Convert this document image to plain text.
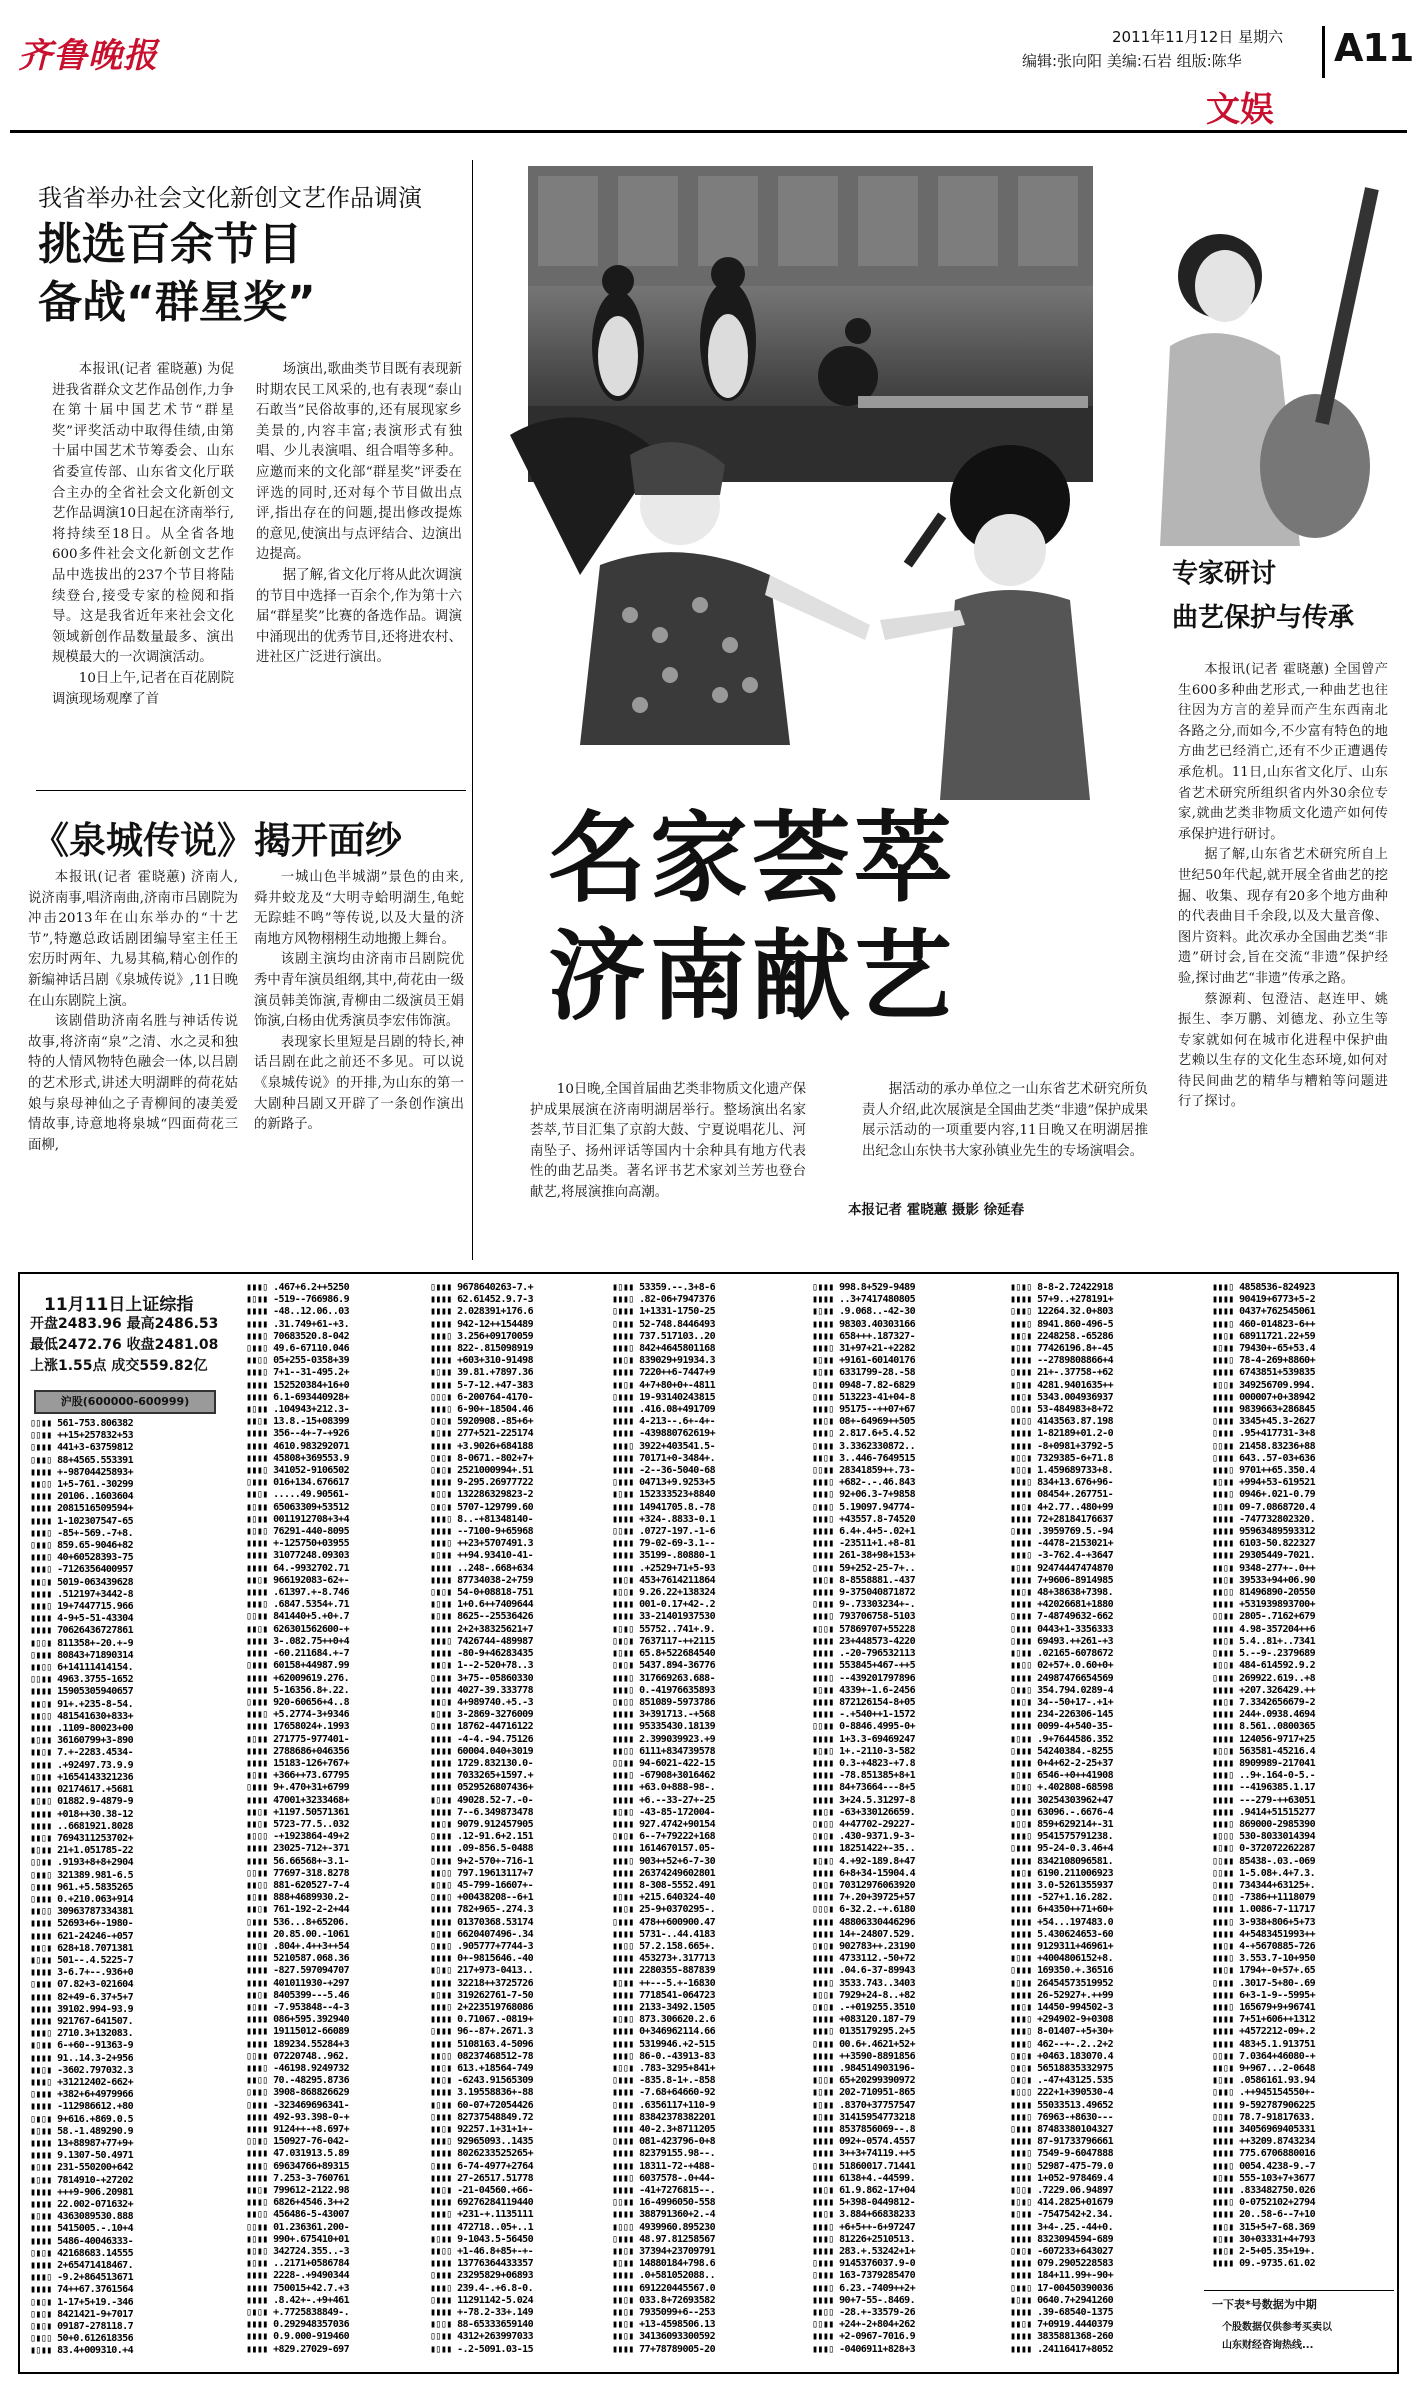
齐鲁晚报	2011年11月12日 星期六
编辑:张向阳 美编:石岩 组版:陈华 A11
文娱
我省举办社会文化新创文艺作品调演
挑选百余节目
备战“群星奖”

本报讯(记者 霍晓蕙) 为促进我省群众文艺作品创作,力争在第十届中国艺术节“群星奖”评奖活动中取得佳绩,由第十届中国艺术节筹委会、山东省委宣传部、山东省文化厅联合主办的全省社会文化新创文艺作品调演10日起在济南举行,将持续至18日。从全省各地600多件社会文化新创文艺作品中选拔出的237个节目将陆续登台,接受专家的检阅和指导。这是我省近年来社会文化领域新创作品数量最多、演出规模最大的一次调演活动。

10日上午,记者在百花剧院调演现场观摩了首

场演出,歌曲类节目既有表现新时期农民工风采的,也有表现“泰山石敢当”民俗故事的,还有展现家乡美景的,内容丰富;表演形式有独唱、少儿表演唱、组合唱等多种。应邀而来的文化部“群星奖”评委在评选的同时,还对每个节目做出点评,指出存在的问题,提出修改提炼的意见,使演出与点评结合、边演出边提高。

据了解,省文化厅将从此次调演的节目中选择一百余个,作为第十六届“群星奖”比赛的备选作品。调演中涌现出的优秀节目,还将进农村、进社区广泛进行演出。

《泉城传说》揭开面纱

本报讯(记者 霍晓蕙) 济南人,说济南事,唱济南曲,济南市吕剧院为冲击2013年在山东举办的“十艺节”,特邀总政话剧团编导室主任王宏历时两年、九易其稿,精心创作的新编神话吕剧《泉城传说》,11日晚在山东剧院上演。

该剧借助济南名胜与神话传说故事,将济南“泉”之清、水之灵和独特的人情风物特色融会一体,以吕剧的艺术形式,讲述大明湖畔的荷花姑娘与泉母神仙之子青柳间的凄美爱情故事,诗意地将泉城“四面荷花三面柳,

一城山色半城湖”景色的由来,舜井蛟龙及“大明寺蛤明湖生,龟蛇无踪蛙不鸣”等传说,以及大量的济南地方风物栩栩生动地搬上舞台。

该剧主演均由济南市吕剧院优秀中青年演员组纲,其中,荷花由一级演员韩美饰演,青柳由二级演员王娟饰演,白杨由优秀演员李宏伟饰演。

表现家长里短是吕剧的特长,神话吕剧在此之前还不多见。可以说《泉城传说》的开排,为山东的第一大剧种吕剧又开辟了一条创作演出的新路子。

专家研讨
曲艺保护与传承

本报讯(记者 霍晓蕙) 全国曾产生600多种曲艺形式,一种曲艺也往往因为方言的差异而产生东西南北各路之分,而如今,不少富有特色的地方曲艺已经消亡,还有不少正遭遇传承危机。11日,山东省文化厅、山东省艺术研究所组织省内外30余位专家,就曲艺类非物质文化遗产如何传承保护进行研讨。

据了解,山东省艺术研究所自上世纪50年代起,就开展全省曲艺的挖掘、收集、现存有20多个地方曲种的代表曲目千余段,以及大量音像、图片资料。此次承办全国曲艺类“非遗”研讨会,旨在交流“非遗”保护经验,探讨曲艺“非遗”传承之路。

蔡源莉、包澄洁、赵连甲、姚振生、李万鹏、刘德龙、孙立生等专家就如何在城市化进程中保护曲艺赖以生存的文化生态环境,如何对待民间曲艺的精华与糟粕等问题进行了探讨。

名家荟萃
济南献艺

10日晚,全国首届曲艺类非物质文化遗产保护成果展演在济南明湖居举行。整场演出名家荟萃,节目汇集了京韵大鼓、宁夏说唱花儿、河南坠子、扬州评话等国内十余种具有地方代表性的曲艺品类。著名评书艺术家刘兰芳也登台献艺,将展演推向高潮。

据活动的承办单位之一山东省艺术研究所负责人介绍,此次展演是全国曲艺类“非遗”保护成果展示活动的一项重要内容,11日晚又在明湖居推出纪念山东快书大家孙镇业先生的专场演唱会。

本报记者 霍晓蕙 摄影 徐延春
11月11日上证综指
开盘2483.96 最高2486.53
最低2472.76 收盘2481.08
上涨1.55点 成交559.82亿
沪股(600000-600999)
▯▯▮▮ 561-753.806382
▯▯▮▮ ++15+257832+53
▯▮▮▮ 441+3-63759812
▯▮▮▯ 88+4565.553391
▮▮▮▮ +-98704425893+
▮▮▯▯ 1+5-761.-30299
▮▮▮▮ 20106..1603604
▮▮▮▮ 2081516509594+
▮▮▮▮ 1-102307547-65
▮▮▮▯ -85+-569.-7+8.
▯▮▮▯ 859.65-9046+82
▮▮▮▯ 40+60528393-75
▮▮▮▯ -7126356400957
▮▮▯▮ 5019-063439628
▮▮▮▮ .512197+3442-8
▮▮▮▯ 19+7447715.966
▮▮▮▮ 4-9+5-51-43304
▮▮▮▮ 70626436727861
▮▯▯▮ 811358+-20.+-9
▯▮▮▮ 80843+71890314
▮▮▯▯ 6+14111414154.
▯▯▮▮ 4963.3755-1652
▮▮▮▮ 15905305940657
▮▮▯▮ 91+.+235-8-54.
▮▮▯▯ 481541630+833+
▮▮▮▮ .1109-80023+00
▮▯▮▮ 36160799+3-890
▮▮▯▮ 7.+-2283.4534-
▮▮▮▮ .+92497.73.9.9
▮▯▮▮ +1654143321236
▮▮▮▮ 02174617.+5681
▮▯▮▯ 01882.9-4879-9
▮▮▮▮ +018++30.38-12
▮▮▮▮ ..6681921.8028
▮▮▯▮ 7694311253702+
▮▯▮▮ 21+1.051785-22
▯▯▮▮ .9193+8+8+2904
▯▮▮▯ 321389.981-6.5
▯▮▮▮ 961.+5.5835265
▯▮▮▮ 0.+210.063+914
▮▮▯▯ 30963787334381
▮▮▮▮ 52693+6+-1980-
▮▮▮▮ 621-24246-+057
▮▮▯▮ 628+18.7071381
▮▯▮▮ 501--.4.5225-7
▮▮▮▮ 3-6.7+--.936+0
▯▮▮▮ 07.82+3-021604
▮▮▮▮ 82+49-6.37+5+7
▮▮▮▮ 39102.994-93.9
▮▮▮▮ 921767-641507.
▮▮▮▯ 2710.3+132083.
▮▯▮▮ 6-+60--91363-9
▮▮▮▮ 91..14.3-2+956
▮▮▯▮ -3602.797032.3
▮▮▮▯ +31212402-662+
▯▮▮▮ +382+6+4979966
▮▮▮▮ -112986612.+80
▯▮▯▮ 9+616.+869.0.5
▮▯▮▮ 58.-1.489290.9
▮▮▮▮ 13+88987+77+9+
▮▮▮▮ 9.1307-50.4971
▮▯▮▮ 231-550200+642
▮▯▮▮ 7814910-+27202
▮▮▮▮ +++9-906.20981
▮▮▮▮ 22.002-071632+
▮▯▮▮ 4363089530.888
▮▮▮▮ 5415005.-.10+4
▮▮▮▮ 5486-40046333-
▯▮▯▮ 42168683.14555
▮▮▮▮ 2+65471418467.
▮▮▮▯ -9.2+864513671
▮▮▮▮ 74++67.3761564
▯▮▯▮ 1-17+5+19.-346
▯▮▯▮ 8421421-9+7017
▯▮▯▮ 09187-278118.7
▯▮▯▯ 50+0.612618356
▮▯▮▮ 83.4+009310.+4
▮▮▮▯ .467+6.2++5250
▮▯▮▮ -519--766986.9
▮▮▮▮ -48..12.06..03
▮▮▮▮ .31.749+61-+3.
▮▮▮▯ 70683520.8-042
▯▮▮▯ 49.6-67110.046
▮▮▯▯ 05+255-0358+39
▮▮▮▯ 7+1--31-495.2+
▮▮▮▮ 152520384+16+0
▮▮▮▮ 6.1-693440928+
▮▯▮▮ .104943+212.3-
▮▮▯▮ 13.8.-15+08399
▮▮▮▮ 356--4+-7-+926
▮▮▮▮ 4610.983292071
▮▮▮▮ 45808+369553.9
▮▮▮▯ 341052-9106502
▯▮▮▮ 016+134.676617
▮▮▯▮ .....49.90561-
▮▯▮▮ 65063309+53512
▮▯▮▮ 0011912708+3+4
▮▯▮▯ 76291-440-8095
▮▮▮▮ +-125750+03955
▮▮▮▮ 31077248.09303
▮▮▮▮ 64.-9932702.71
▮▮▯▮ 966192083-62+-
▮▮▮▮ .61397.+-8.746
▮▮▮▯ .6847.5354+.71
▯▯▮▮ 841440+5.+0+.7
▮▮▯▮ 626301562600-+
▮▮▮▮ 3-.082.75++0+4
▮▮▮▮ -60.211684.+-7
▯▮▮▮ 60158+44987.99
▮▮▮▮ +62009619.276.
▮▮▮▮ 5-16356.8+.22.
▯▮▮▮ 920-60656+4..8
▮▮▮▯ +5.2774-3+9346
▮▮▮▮ 17658024+.1993
▮▯▮▮ 271775-977401-
▮▮▮▮ 2788686+046356
▮▮▮▮ 15183-126+767+
▮▯▮▮ +366++73.67795
▯▮▮▮ 9+.470+31+6799
▮▮▮▮ 47001+3233468+
▮▮▯▮ +1197.50571361
▮▮▯▮ 5723-77.5..032
▮▯▯▯ -+1923864-49+2
▮▮▮▮ 23025-712+-371
▮▮▮▮ 56.66568+-3.1-
▯▯▮▮ 77697-318.8278
▮▮▯▯ 881-620527-7-4
▮▯▮▮ 888+4689930.2-
▮▮▯▮ 761-192-2-2+44
▯▮▮▮ 536...8+65206.
▮▮▮▮ 20.85.00.-1061
▮▮▯▮ .804+.4++3++54
▮▮▮▮ 5210587.068.36
▮▮▮▮ -827.597094707
▮▮▮▮ 401011930-+297
▮▮▯▮ 8405399---5.46
▮▯▮▮ -7.953848--4-3
▮▮▮▮ 086+595.392940
▮▮▮▮ 19115012-66089
▮▮▮▮ 189234.55284+3
▯▯▮▮ 07220748..962.
▮▮▮▯ -46198.9249732
▮▮▯▯ 70.-48295.8736
▯▮▮▯ 3908-868826629
▯▮▮▮ -323469696341-
▮▮▮▮ 492-93.398-0-+
▮▮▮▮ 9124++-+8.697+
▯▯▮▯ 150927-76-042-
▮▮▮▮ 47.031913.5.89
▮▮▮▯ 69634766+89315
▮▮▮▮ 7.253-3-760761
▮▮▯▮ 799612-2122.98
▮▮▮▯ 6826+4546.3++2
▮▮▯▯ 456486-5-43007
▯▯▮▮ 01.236361.200-
▮▯▮▮ 990+.675410+01
▮▯▮▯ 342724.355..-3
▮▯▮▮ ..2171+0586784
▮▮▮▮ 2228-.+9490344
▮▮▮▮ 750015+42.7.+3
▮▮▮▮ .8.42+-.+9+461
▯▮▯▮ +.7725838849-.
▮▮▮▮ 0.292948357036
▮▮▮▮ 0.9.000-919460
▮▮▮▮ +829.27029-697
▯▮▮▮ 9678640263-7.+
▮▮▮▮ 62.61452.9.7-3
▮▮▮▮ 2.028391+176.6
▮▮▮▮ 942-12++154489
▮▮▮▯ 3.256+09170059
▮▮▮▮ 822-.815098919
▮▮▮▮ +603+310-91498
▮▯▮▮ 39.81.+7897.36
▮▮▮▮ 5-7-12.+47-383
▯▯▯▮ 6-200764-4170-
▮▮▮▯ 6-90+-18504.46
▯▮▯▮ 5920908.-85+6+
▮▯▮▮ 277+521-225174
▮▮▮▮ +3.9026+684188
▯▮▯▮ 8-0671.-802+7+
▯▮▯▮ 2521000994+.51
▮▮▮▮ 9-295.26977722
▮▯▯▮ 132286329823-2
▯▮▯▮ 5707-129799.60
▮▮▮▯ 8..-+81348140-
▮▮▮▮ --7100-9+65968
▮▮▮▯ ++23+5707491.3
▮▯▮▮ ++94.93410-41-
▮▮▮▮ ..248-.668+634
▮▮▮▮ 87734038-2+759
▯▮▯▮ 54-0+08818-751
▮▯▮▮ 1+0.6++7409644
▮▯▮▮ 8625--25536426
▮▮▮▮ 2+2+38325621+7
▮▮▮▯ 7426744-489987
▮▮▮▮ -80-9+46283435
▮▮▯▮ 1--2-520+78..3
▯▮▮▮ 3+75--05860330
▮▮▮▮ 4027-39.333778
▮▮▯▮ 4+989740.+5.-3
▮▯▮▮ 3-2869-3276009
▯▮▮▮ 18762-44716122
▮▮▮▮ -4-4.-94.75126
▮▮▮▮ 60004.040+3019
▮▮▮▮ 1729.832130.0-
▮▮▮▮ 7033265+1597.+
▮▮▮▮ 0529526807436+
▮▯▮▮ 49028.52-7.-0-
▮▮▮▮ 7--6.349873478
▮▮▯▮ 9079.912457905
▯▮▮▮ .12-91.6+2.151
▮▮▮▮ .09-856.5-0488
▯▮▮▮ 9+2-570+-716-1
▮▮▯▯ 797.19613117+7
▮▯▮▯ 45-799-16607+-
▯▮▮▯ +00438208--6+1
▮▮▮▮ 782+965-.274.3
▮▮▮▮ 01370368.53174
▮▯▮▮ 6620407496-.34
▯▮▮▯ .905777+7744-3
▮▮▮▮ 0+-9815646.-40
▮▯▮▯ 217+973-0413..
▮▮▮▮ 32218++3725726
▮▯▮▮ 319262761-7-50
▮▮▮▯ 2+223519768086
▮▮▮▮ 0.71067.-0819+
▯▮▮▮ 96--87+.2671.3
▮▮▮▮ 5108163.4-5096
▮▮▯▯ 08237468512-78
▮▮▯▮ 613.+18564-749
▮▮▯▮ -6243.91565309
▮▮▮▮ 3.19558836+-88
▮▯▮▮ 60-07+72054426
▯▮▮▮ 82737548849.72
▮▮▯▮ 92257.1+31+1+-
▮▮▮▯ 92965093..1435
▮▮▮▮ 8026233525265+
▯▮▮▮ 6-74-4977+2764
▮▮▮▮ 27-26517.51778
▮▮▯▮ -21-04560.+66-
▮▮▮▮ 69276284119440
▮▮▮▯ +231-+.1135111
▮▮▮▮ 472718..05+..1
▮▯▮▮ 9-1043.5-56450
▮▮▯▯ +1-46.8+85+-+-
▮▮▮▮ 13776364433357
▯▮▮▮ 23295829+06893
▮▮▮▯ 239.4-.+6.8-0.
▯▮▮▮ 11291142-5.024
▮▮▮▮ +-78.2-33+.149
▮▯▯▮ 88-65333659140
▯▯▮▮ 4312+263997033
▮▯▮▮ -.2-5091.03-15
▮▯▮▮ 53359.--.3+8-6
▮▮▮▯ .82-06+7947376
▯▮▮▮ 1+1331-1750-25
▯▮▮▮ 52-748.8446493
▮▮▮▮ 737.517103..20
▮▮▮▯ 842+4645801168
▮▮▯▮ 839029+91934.3
▮▮▮▮ 7220++6-7447+9
▮▮▯▮ 4+7+80+0+-4811
▯▮▮▮ 19-93140243815
▮▮▮▮ .416.08+491709
▮▮▮▮ 4-213--.6+-4+-
▮▮▮▮ -439880762619+
▮▮▮▯ 3922+403541.5-
▮▮▮▮ 70171+0-3484+.
▮▮▮▮ -2--36-5040-68
▯▮▮▮ 04713+9.9253+5
▮▯▮▮ 152333523+8840
▮▮▮▮ 14941705.8.-78
▮▮▮▮ +324-.8833-0.1
▯▯▮▮ .0727-197.-1-6
▮▮▮▮ 79-02-69-3.1--
▮▮▮▮ 35199-.80880-1
▮▮▮▮ .+2529+71+5-93
▮▮▯▮ 453+7614211864
▮▯▯▮ 9.26.22+138324
▮▮▮▮ 001-0.17+42-.2
▮▮▮▮ 33-21401937530
▮▯▮▯ 55752..741+.9.
▯▮▯▮ 7637117-++2115
▮▯▮▮ 65.8+522684540
▯▮▯▮ 5437.894-36776
▮▮▮▯ 317669263.688-
▮▮▮▯ 0.-41976635893
▯▮▯▯ 851089-5973786
▮▮▮▮ 3+391713.-+568
▮▮▮▮ 95335430.18139
▮▮▮▮ 2.399039923.+9
▮▮▯▯ 6111+834739578
▯▯▮▮ 94-6021-422-15
▮▮▮▯ -67908+3016462
▮▮▮▮ +63.0+888-98-.
▮▮▮▮ +6.--33-27+-25
▮▯▮▯ -43-85-172004-
▮▮▮▮ 927.4742+90154
▯▮▯▮ 6--7+79222+168
▮▮▮▮ 1614670157.05-
▮▮▮▯ 903++52+6-7-30
▮▮▮▮ 26374249602801
▮▮▮▮ 8-308-5552.491
▮▯▮▮ +215.640324-40
▮▮▯▮ 25-9+0370295-.
▯▮▮▮ 478++600900.47
▮▮▮▮ 5731-..44.4183
▮▮▯▯ 57.2.158.665+.
▮▮▮▮ 453273+.317713
▮▮▮▮ 2280355-887839
▮▯▮▮ ++---5.+-16830
▮▮▮▮ 7718541-064723
▮▮▮▮ 2133-3492.1505
▮▯▮▯ 873.306620.2.6
▮▮▮▮ 0+346962114.66
▮▮▮▮ 5319946.+2-515
▮▮▮▯ 86-0.-43913-83
▮▯▯▮ .783-3295+841+
▯▮▮▮ -835.8-1+.-858
▮▮▮▮ -7.68+64660-92
▯▮▮▮ .6356117+110-9
▮▮▮▮ 83842378382201
▮▮▮▮ 40-2.3+8711205
▯▮▮▮ 081-423796-0+8
▮▮▮▮ 82379155.98--.
▮▮▮▮ 18311-72-+488-
▮▮▮▯ 6037578-.0+44-
▮▮▮▮ -41+7276815--.
▯▯▮▮ 16-4996050-558
▮▮▮▮ 388791360+2.-4
▮▯▯▯ 4939960.895230
▯▮▮▮ 48.97.81258567
▮▮▯▮ 37394+23709791
▮▯▮▮ 14880184+798.6
▮▮▮▮ .0+581052088..
▮▮▮▮ 691220445567.0
▮▮▯▮ 033.8+72693582
▮▮▯▮ 7935099+6--253
▮▮▯▮ +13-4598506.13
▮▮▯▮ 34136093300592
▮▮▮▮ 77+78789005-20
▯▮▮▮ 998.8+529-9489
▮▮▮▮ ..3+7417480805
▮▯▮▮ .9.068..-42-30
▮▮▮▮ 98303.40303166
▮▮▮▮ 658+++.187327-
▮▮▮▯ 31+97+21-+2282
▮▯▮▮ +9161-60140176
▮▯▮▮ 6331799-28.-58
▯▮▮▮ 0948-7.82-6829
▯▮▮▮ 513223-41+04-8
▮▮▮▯ 95175--++07+67
▮▮▯▮ 08+-64969++505
▮▮▮▯ 2.817.6+5.4.52
▯▮▮▮ 3.3362330872..
▮▮▯▮ 3..446-7649515
▯▯▮▮ 28341859++.73-
▮▮▮▯ +682-.-.46.843
▮▮▮▯ 92+06.3-7+9858
▯▮▮▯ 5.19097.94774-
▮▮▮▯ +43557.8-74520
▮▮▮▮ 6.4+.4+5-.02+1
▮▮▮▮ -23511+1.+8-81
▮▮▮▮ 261-38+98+153+
▯▮▮▮ 59+252-25-7+..
▮▮▯▮ 8-8558881.-437
▮▮▮▮ 9-375040871872
▯▮▮▮ 9-.73303234+-.
▮▮▮▯ 793706758-5103
▮▯▯▮ 57869707+55228
▮▮▮▮ 23+448573-4220
▮▮▮▮ .-20-796532113
▮▮▮▮ 553845+467-++5
▮▮▮▯ --439201797896
▮▯▮▮ 4339+-1.6-2456
▮▮▮▮ 872126154-8+05
▮▮▮▮ -.+540++1-1572
▯▯▮▮ 0-8846.4995-0+
▮▮▮▮ 1+3.3-69469247
▮▯▮▯ 1+.-2110-3-582
▮▮▮▮ 0.3-+4823-+7.8
▮▮▮▮ -78.851385+8+1
▮▮▮▮ 84+73664---8+5
▮▮▮▮ 3+24.5.31297-8
▮▮▯▮ -63+330126659.
▯▮▯▯ 4+47702-29227-
▯▮▯▮ .430-9371.9-3-
▮▮▮▮ 18251422+-35..
▮▯▮▯ 4.+92-189.8+47
▮▮▮▮ 6+8+34-15904.4
▯▮▯▮ 70312976063920
▮▮▮▮ 7+.20+39725+57
▯▯▯▮ 6-32.2.-+.6180
▮▮▮▮ 48806330446296
▮▮▮▮ 14+-24807.529.
▯▮▯▮ 902783++.23190
▮▮▮▮ 4733112.-50+72
▮▮▮▮ .04.6-37-89943
▮▮▮▯ 3533.743..3403
▮▯▯▮ 7929+24-8..+82
▯▮▯▮ .-+019255.3510
▮▮▮▮ +083120.187-79
▮▮▮▯ 0135179295.2+5
▯▮▮▮ 00.6+.4621+52+
▮▮▮▮ ++3590-8891856
▮▮▮▮ .984514903196-
▮▯▯▮ 65+20299390972
▮▯▮▮ 202-710951-865
▮▯▮▮ .8370+37757547
▮▯▮▮ 31415954773218
▮▮▮▮ 8537856069--.8
▮▮▮▮ 092+-0574.4557
▮▮▮▮ 3++3+74119.++5
▯▮▮▮ 51860017.71441
▮▮▮▮ 6138+4.-44599.
▮▮▯▮ 61.9.862-17+04
▮▮▮▮ 5+398-0449812-
▮▮▯▮ 3.884+66838233
▮▮▮▯ +6+5++-6+97247
▮▮▮▯ 81226+2510513.
▮▮▮▮ 283.+.53242+1+
▯▮▮▮ 9145376037.9-0
▯▮▮▮ 163-7379285470
▮▮▮▯ 6.23.-7409++2+
▮▮▮▮ 90+7-55-.8469.
▮▮▯▯ -28.+-33579-26
▯▯▮▮ +24+-2+804+262
▮▮▮▮ +2-0967-7016.9
▮▮▮▯ -0406911+828+3
▮▯▮▯ 8-8-2.72422918
▮▮▮▮ 57+9..+278191+
▯▮▮▯ 12264.32.0+803
▮▮▮▯ 8941.860-496-5
▮▮▯▮ 2248258.-65286
▮▯▮▮ 77426196.8+-45
▮▮▮▮ --2789808866+4
▯▮▮▮ 21+-.37758-+62
▮▯▮▮ 4281.9401635++
▮▮▯▮ 5343.004936937
▯▯▮▮ 53-484983+8+72
▮▮▯▯ 4143563.87.198
▮▮▮▮ 1-82189+01.2-0
▮▮▮▮ -8+0981+3792-5
▮▯▯▮ 7329385-6+71.8
▮▯▯▮ 1.459689733+8.
▮▮▮▯ 834+13.676+96-
▮▮▮▮ 08454+.267751-
▮▮▯▮ 4+2.77..480+99
▮▮▮▮ 72+28184176637
▯▮▮▮ .3959769.5.-94
▮▮▮▮ -4478-2153021+
▮▮▮▯ -3-762.4-+3647
▮▯▮▮ 92474447474870
▮▮▮▮ 7+9606-8914985
▮▮▯▮ 48+38638+7398.
▮▮▮▮ +42026681+1880
▯▮▮▮ 7-48749632-662
▯▮▮▮ 0443+1-3356333
▯▮▮▮ 69493.++261-+3
▮▯▮▮ .02165-6078672
▮▮▯▯ 02+57+.0.60+0+
▮▮▮▮ 24987476654569
▯▮▮▯ 354.794.0289-4
▮▮▯▮ 34--50+17-.+1+
▮▮▮▮ 234-226306-145
▮▮▮▮ 0099-4+540-35-
▮▯▮▮ .9+7644586.352
▯▮▮▮ 54240384.-8255
▮▮▮▮ 0+4+62-2-25+37
▮▯▮▮ 6546-+0++41908
▮▯▮▯ +.402808-68598
▮▮▮▮ 30254303962+47
▯▮▮▮ 63096.-.6676-4
▮▯▯▮ 859+629214+-31
▮▮▮▯ 9541575791238.
▯▮▮▮ 95-24-0.3.46+4
▮▮▮▮ 8342108096581.
▮▮▯▮ 6190.211006923
▮▮▮▮ 3.0-5261355937
▮▮▮▮ -527+1.16.282.
▮▮▮▮ 6+4350++71+60+
▮▮▮▮ +54...197483.0
▮▮▮▮ 5.430624653-60
▮▮▮▮ 9129311+46961+
▮▯▮▮ +4004806152+8.
▯▮▮▮ 169350.+.36516
▮▯▮▮ 26454573519952
▮▮▮▮ 26-52927+.++99
▮▮▯▮ 14450-994502-3
▮▮▮▯ +294902-9+0308
▮▮▮▯ 8-01407-+5+30+
▮▮▮▯ 462--+-.2..2+2
▯▮▯▮ +0463.183070.4
▯▮▯▮ 56518835332975
▯▮▯▮ .-47+43125.535
▮▯▯▯ 222+1+390530-4
▮▮▮▮ 55033513.49652
▮▮▮▯ 76963-+8630---
▯▮▮▮ 87483380104327
▮▮▮▮ 87-91733796661
▮▮▮▯ 7549-9-6047888
▮▮▮▯ 52987-475-79.0
▮▮▮▮ 1+052-978469.4
▮▯▯▮ .7229.06.94897
▮▯▮▯ 414.2825+01679
▮▯▮▮ -7547542+2.34.
▮▮▮▮ 3+4-.25.-44+0.
▮▮▮▮ 8323094594-689
▯▮▯▮ -607233+643027
▮▮▮▮ 079.2905228583
▮▮▮▮ 184+11.99+-90+
▯▮▮▯ 17-00450390036
▮▯▮▮ 0640.7+2941260
▮▮▮▮ .39-68540-1375
▮▮▯▮ 7+0919.4440379
▮▮▮▮ 3835881368-260
▮▮▮▮ .24116417+8052
▮▮▮▯ 4858536-824923
▮▮▮▮ 90419+6773+5-2
▮▮▮▮ 0437+762545061
▮▮▮▯ 460-014823-6++
▮▮▯▮ 68911721.22+59
▮▯▮▮ 79430+-65+53.4
▮▮▮▯ 78-4-269+8860+
▮▮▮▮ 6743851+539835
▮▯▯▮ 349256709.994.
▮▮▮▮ 000007+0+38942
▮▮▮▮ 9839663+286845
▯▮▮▮ 3345+45.3-2627
▯▮▮▮ .95+417731-3+8
▯▯▮▮ 21458.83236+88
▯▮▮▮ 643..57-03+636
▮▮▮▯ 9701++65.350.4
▮▯▮▮ +994+53-619521
▮▮▮▯ 0946+.021-0.79
▮▯▮▮ 09-7.0868720.4
▮▮▮▮ -747732802320.
▮▮▮▮ 95963489593312
▮▮▮▮ 6103-50.822327
▮▮▮▮ 29305449-7021.
▮▮▯▮ 9348-277+-.0++
▮▮▯▮ 39533+94+06.90
▮▮▯▯ 81496890-20550
▮▮▮▮ +531939893700+
▯▯▮▮ 2805-.7162+679
▮▮▮▮ 4.98-357204++6
▮▮▯▮ 5.4..81+..7341
▯▮▮▮ 5.--9-.2379689
▮▯▯▮ 484-614592.9.2
▯▮▮▮ 269922.619..+8
▮▮▮▮ +207.326429.++
▮▮▯▮ 7.3342656679-2
▮▮▮▮ 244+.0938.4694
▮▮▮▮ 8.561..0800365
▮▮▮▮ 124056-9717+25
▮▯▯▮ 563581-45216.4
▮▮▮▮ 8909989-217041
▮▮▮▯ ..9+.164-0-5.-
▮▮▮▮ --4196385.1.17
▮▮▮▮ ---279-++63051
▮▮▮▮ .9414+51515277
▮▮▮▯ 869000-2985390
▮▯▯▯ 530-8033014394
▮▯▮▯ 0-372072262287
▯▯▮▮ 85438-.03.-069
▯▯▮▮ 1-5.08+.4+7.3.
▯▮▮▮ 734344+63125+.
▯▮▮▯ -7386++1118079
▮▮▮▮ 1.0086-7-11717
▮▮▮▯ 3-938+806+5+73
▮▮▮▮ 4+5483451993++
▮▮▯▮ 4-+5670885-726
▮▮▮▯ 3.553.7-10+950
▮▮▯▮ 1794+-0+57+.65
▯▮▮▮ .3017-5+80-.69
▮▮▮▮ 6+3-1-9--5995+
▮▮▮▯ 165679+9+96741
▮▮▮▮ 7+51+606++1312
▮▮▮▮ +4572212-09+.2
▮▮▮▮ 483+5.1.913751
▯▯▮▮ 7.0364+46080-+
▮▮▯▮ 9+967...2-0648
▮▯▮▮ .0586161.93.94
▯▮▮▯ .++945154550+-
▮▮▮▮ 9-592787906225
▯▯▮▮ 78.7-91817633.
▮▮▮▮ 34056969405331
▮▮▮▮ ++3209.8743234
▮▮▮▮ 775.6706880016
▮▮▮▯ 0054.4238-9.-7
▮▯▮▮ 555-103+7+3677
▮▮▮▮ .833482750.026
▮▮▮▯ 0-0752102+2794
▮▮▮▮ 20..58-6--7+10
▮▮▯▮ 315+5+7-68.369
▮▯▮▮ 30+03331+4+793
▮▮▯▮ 2-5+05.35+19+.
▮▮▮▮ 09.-9735.61.02
一下表*号数据为中期
个股数据仅供参考买卖以
山东财经咨询热线...
